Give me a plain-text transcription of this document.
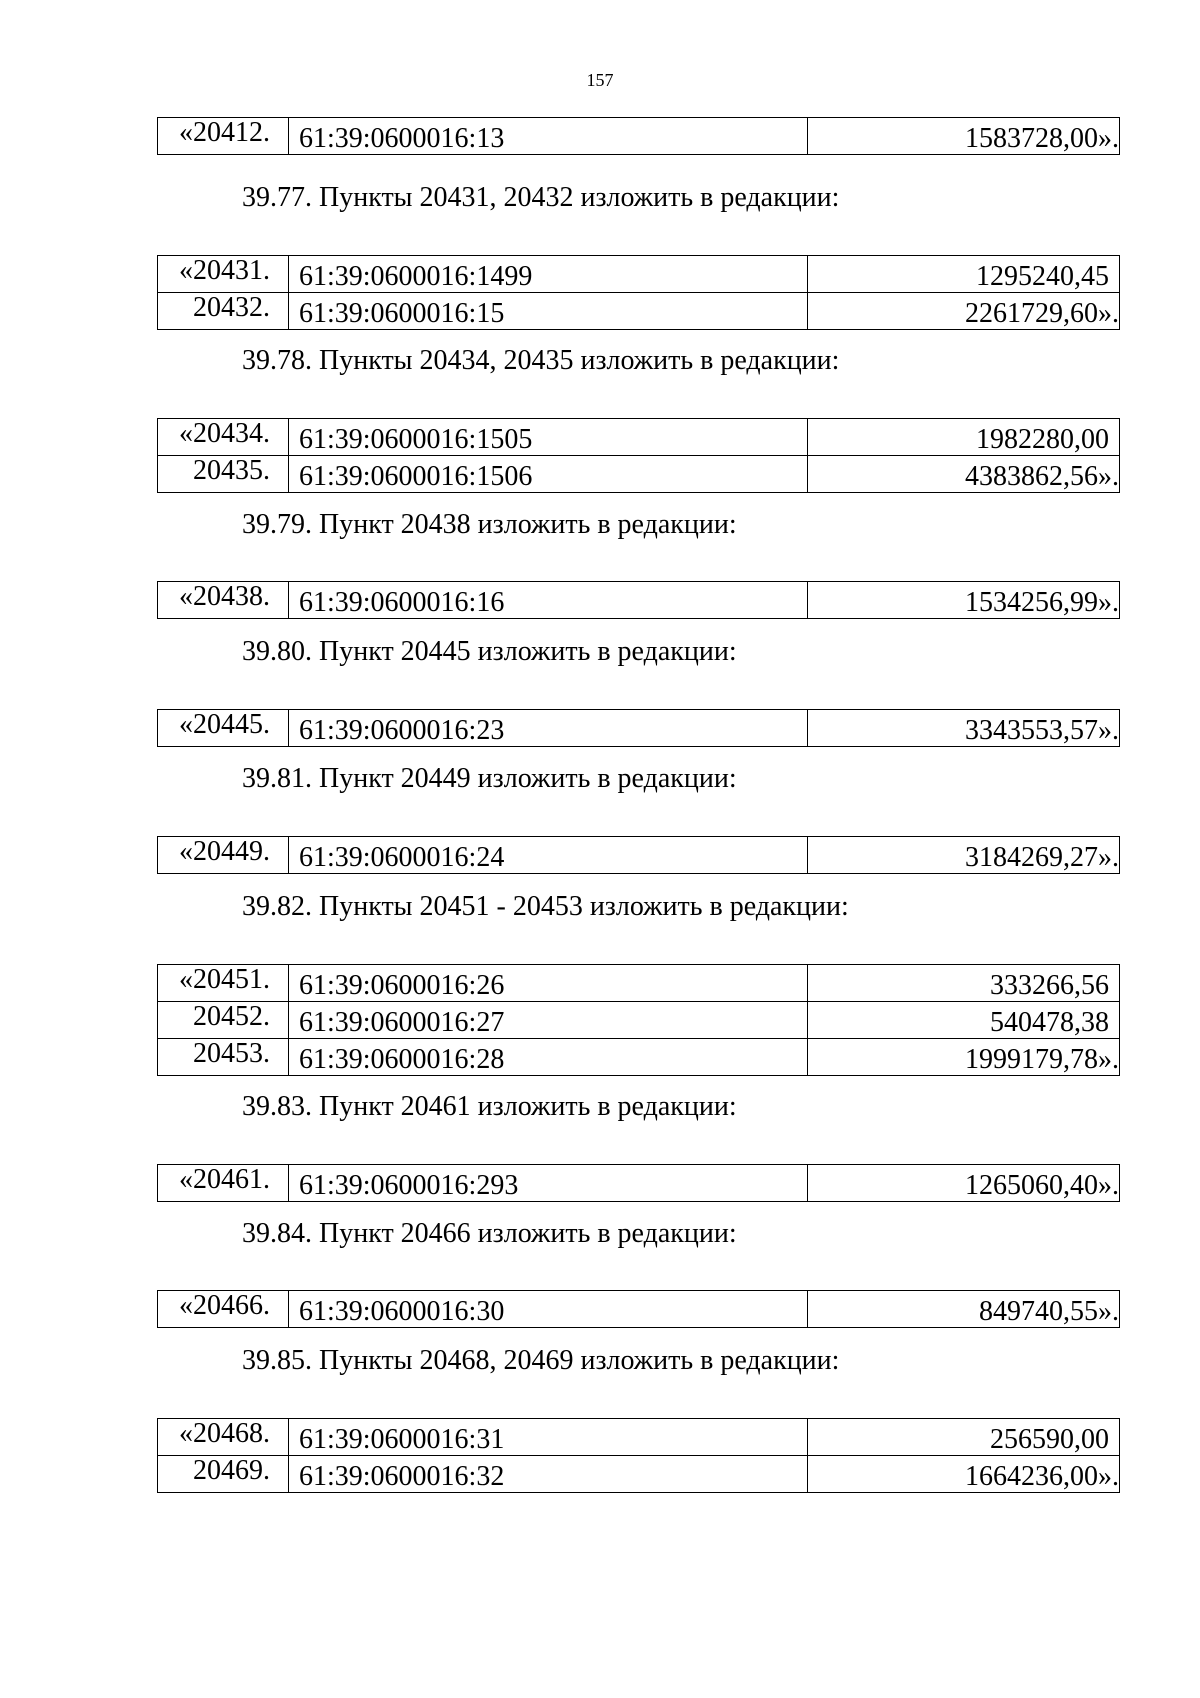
157
«20412.	61:39:0600016:13	1583728,00».

39.77. Пункты 20431, 20432 изложить в редакции:

«20431.	61:39:0600016:1499	1295240,45
20432.	61:39:0600016:15	2261729,60».

39.78. Пункты 20434, 20435 изложить в редакции:

«20434.	61:39:0600016:1505	1982280,00
20435.	61:39:0600016:1506	4383862,56».

39.79. Пункт 20438 изложить в редакции:

«20438.	61:39:0600016:16	1534256,99».

39.80. Пункт 20445 изложить в редакции:

«20445.	61:39:0600016:23	3343553,57».

39.81. Пункт 20449 изложить в редакции:

«20449.	61:39:0600016:24	3184269,27».

39.82. Пункты 20451 - 20453 изложить в редакции:

«20451.	61:39:0600016:26	333266,56
20452.	61:39:0600016:27	540478,38
20453.	61:39:0600016:28	1999179,78».

39.83. Пункт 20461 изложить в редакции:

«20461.	61:39:0600016:293	1265060,40».

39.84. Пункт 20466 изложить в редакции:

«20466.	61:39:0600016:30	849740,55».

39.85. Пункты 20468, 20469 изложить в редакции:

«20468.	61:39:0600016:31	256590,00
20469.	61:39:0600016:32	1664236,00».
